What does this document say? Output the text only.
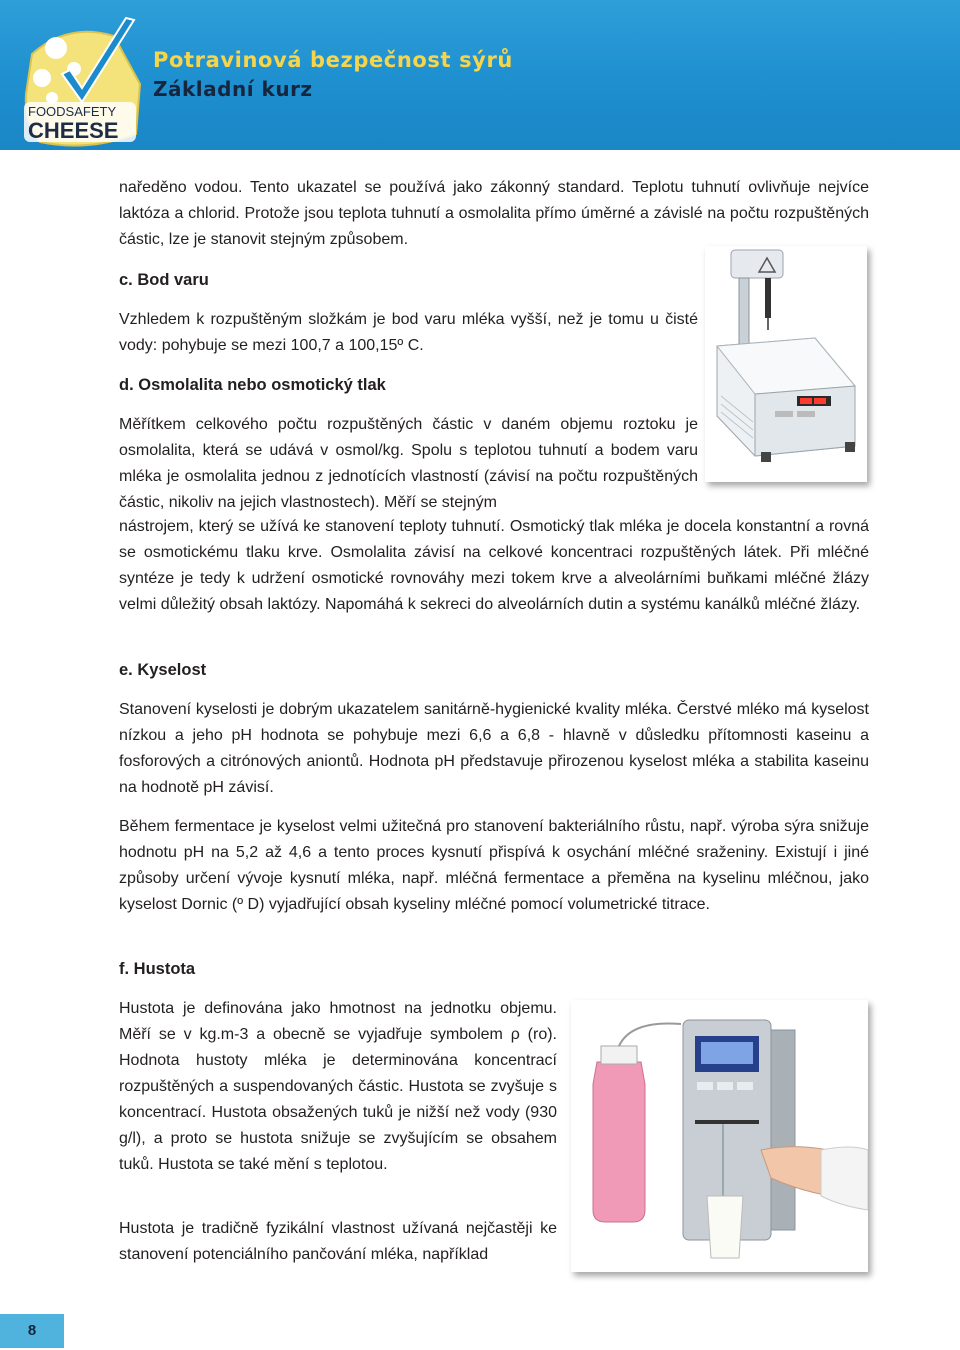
FOODSAFETY
CHEESE
Potravinová bezpečnost sýrů
Základní kurz

naředěno vodou. Tento ukazatel se používá jako zákonný standard. Teplotu tuhnutí ovlivňuje nejvíce laktóza a chlorid. Protože jsou teplota tuhnutí a osmolalita přímo úměrné a závislé na počtu rozpuštěných částic, lze je stanovit stejným způsobem.

c. Bod varu

Vzhledem k rozpuštěným složkám je bod varu mléka vyšší, než je tomu u čisté vody: pohybuje se mezi 100,7 a 100,15º C.

d. Osmolalita nebo osmotický tlak

Měřítkem celkového počtu rozpuštěných částic v daném objemu roztoku je osmolalita, která se udává v osmol/kg. Spolu s teplotou tuhnutí a bodem varu mléka je osmolalita jednou z jednotících vlastností (závisí na počtu rozpuštěných částic, nikoliv na jejich vlastnostech). Měří se stejným

nástrojem, který se užívá ke stanovení teploty tuhnutí. Osmotický tlak mléka je docela konstantní a rovná se osmotickému tlaku krve. Osmolalita závisí na celkové koncentraci rozpuštěných látek. Při mléčné syntéze je tedy k udržení osmotické rovnováhy mezi tokem krve a alveolárními buňkami mléčné žlázy velmi důležitý obsah laktózy. Napomáhá k sekreci do alveolárních dutin a systému kanálků mléčné žlázy.

e. Kyselost

Stanovení kyselosti je dobrým ukazatelem sanitárně-hygienické kvality mléka. Čerstvé mléko má kyselost nízkou a jeho pH hodnota se pohybuje mezi 6,6 a 6,8 - hlavně v důsledku přítomnosti kaseinu a fosforových a citrónových aniontů. Hodnota pH představuje přirozenou kyselost mléka a stabilita kaseinu na hodnotě pH závisí.

Během fermentace je kyselost velmi užitečná pro stanovení bakteriálního růstu, např. výroba sýra snižuje hodnotu pH na 5,2 až 4,6 a tento proces kysnutí přispívá k osychání mléčné sraženiny. Existují i jiné způsoby určení vývoje kysnutí mléka, např. mléčná fermentace a přeměna na kyselinu mléčnou, jako kyselost Dornic (º D) vyjadřující obsah kyseliny mléčné pomocí volumetrické titrace.

f. Hustota

Hustota je definována jako hmotnost na jednotku objemu. Měří se v kg.m-3 a obecně se vyjadřuje symbolem ρ (ro). Hodnota hustoty mléka je determinována koncentrací rozpuštěných a suspendovaných částic. Hustota se zvyšuje s koncentrací. Hustota obsažených tuků je nižší než vody (930 g/l), a proto se hustota snižuje se zvyšujícím se obsahem tuků. Hustota se také mění s teplotou.

Hustota je tradičně fyzikální vlastnost užívaná nejčastěji ke stanovení potenciálního pančování mléka, například

8
